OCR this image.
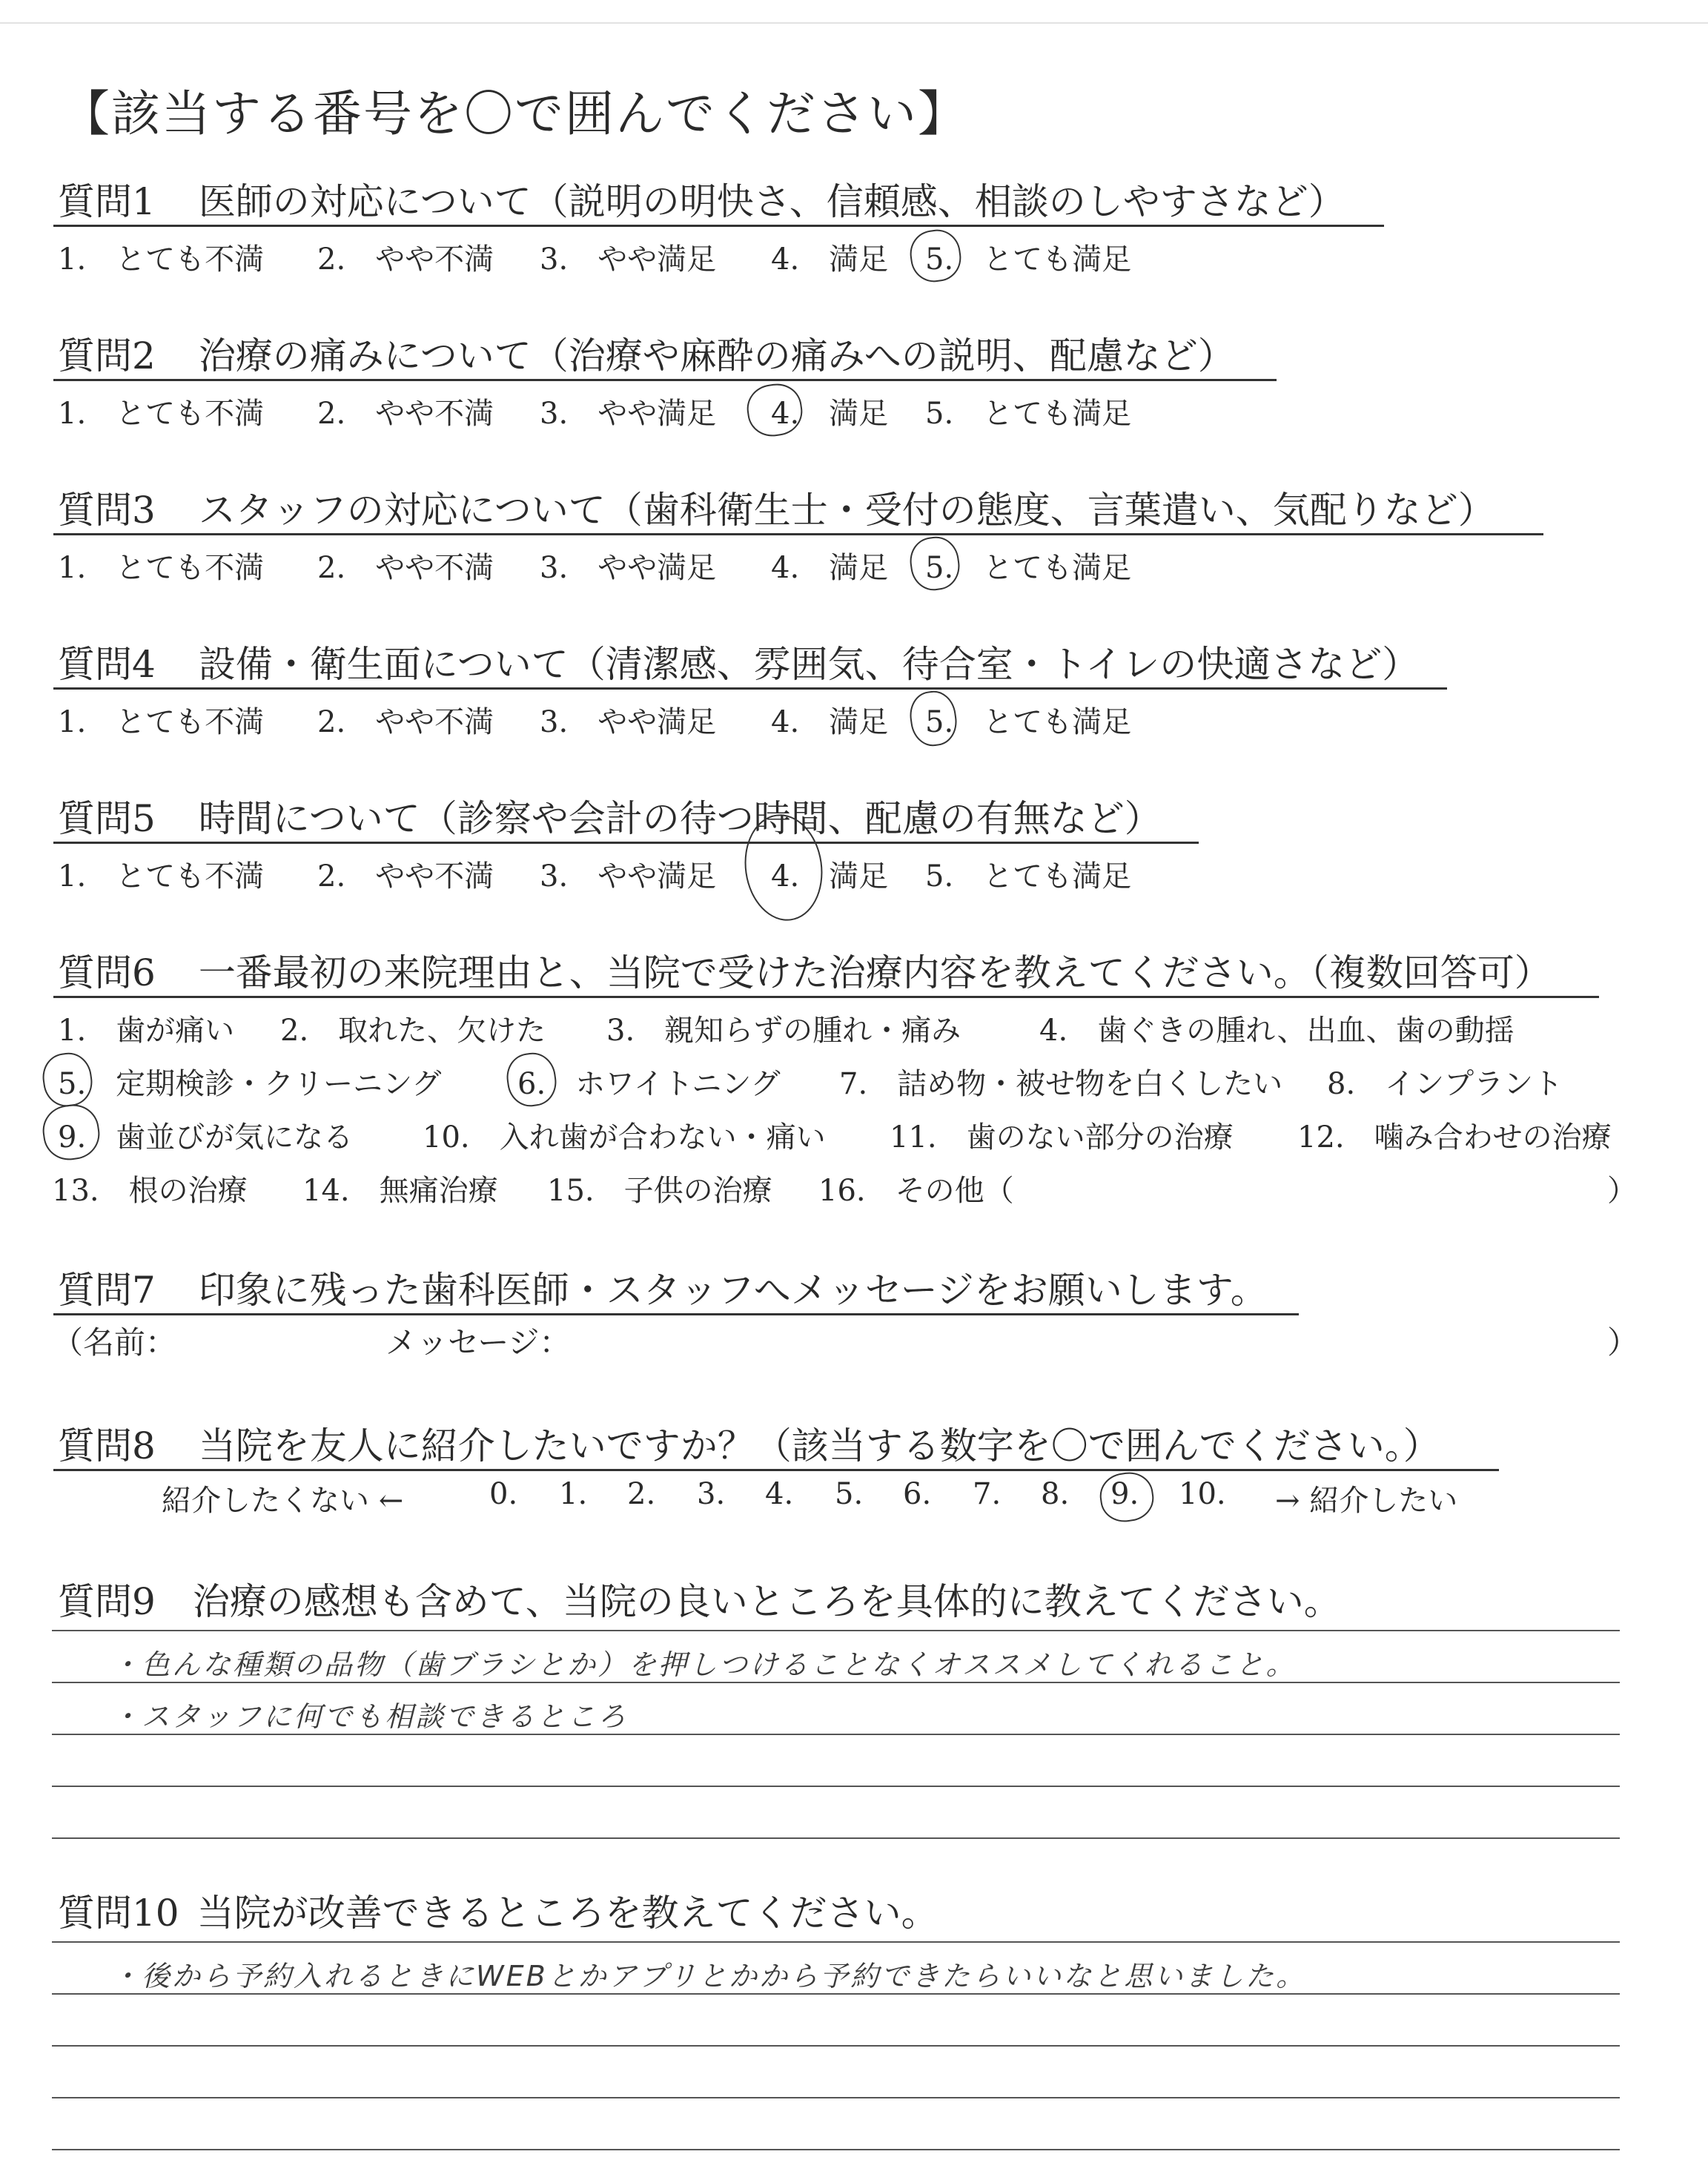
【該当する番号を〇で囲んでください】
質問1 医師の対応について（説明の明快さ、信頼感、相談のしやすさなど）
1.　とても不満 2.　やや不満 3.　やや満足 4.　満足 5.　とても満足
質問2 治療の痛みについて（治療や麻酔の痛みへの説明、配慮など）
1.　とても不満 2.　やや不満 3.　やや満足 4.　満足 5.　とても満足
質問3 スタッフの対応について（歯科衛生士・受付の態度、言葉遣い、気配りなど）
1.　とても不満 2.　やや不満 3.　やや満足 4.　満足 5.　とても満足
質問4 設備・衛生面について（清潔感、雰囲気、待合室・トイレの快適さなど）
1.　とても不満 2.　やや不満 3.　やや満足 4.　満足 5.　とても満足
質問5 時間について（診察や会計の待つ時間、配慮の有無など）
1.　とても不満 2.　やや不満 3.　やや満足 4.　満足 5.　とても満足
質問6 一番最初の来院理由と、当院で受けた治療内容を教えてください。（複数回答可）
1.　歯が痛い 2.　取れた、欠けた 3.　親知らずの腫れ・痛み	4.　歯ぐきの腫れ、出血、歯の動揺
5.　定期検診・クリーニング	6.　ホワイトニング 7.　詰め物・被せ物を白くしたい 8.　インプラント
9.　歯並びが気になる 10.　入れ歯が合わない・痛い 11.　歯のない部分の治療 12.　噛み合わせの治療
13.　根の治療 14.　無痛治療 15.　子供の治療 16.　その他（	）
質問7 印象に残った歯科医師・スタッフへメッセージをお願いします。
（名前：	メッセージ：	）
質問8 当院を友人に紹介したいですか？（該当する数字を〇で囲んでください。）
紹介したくない ←	0. 1. 2. 3. 4. 5. 6. 7. 8. 9. 10. → 紹介したい
質問9 治療の感想も含めて、当院の良いところを具体的に教えてください。
・色んな種類の品物（歯ブラシとか）を押しつけることなくオススメしてくれること。
・スタッフに何でも相談できるところ
質問10 当院が改善できるところを教えてください。
・後から予約入れるときにWEBとかアプリとかから予約できたらいいなと思いました。
